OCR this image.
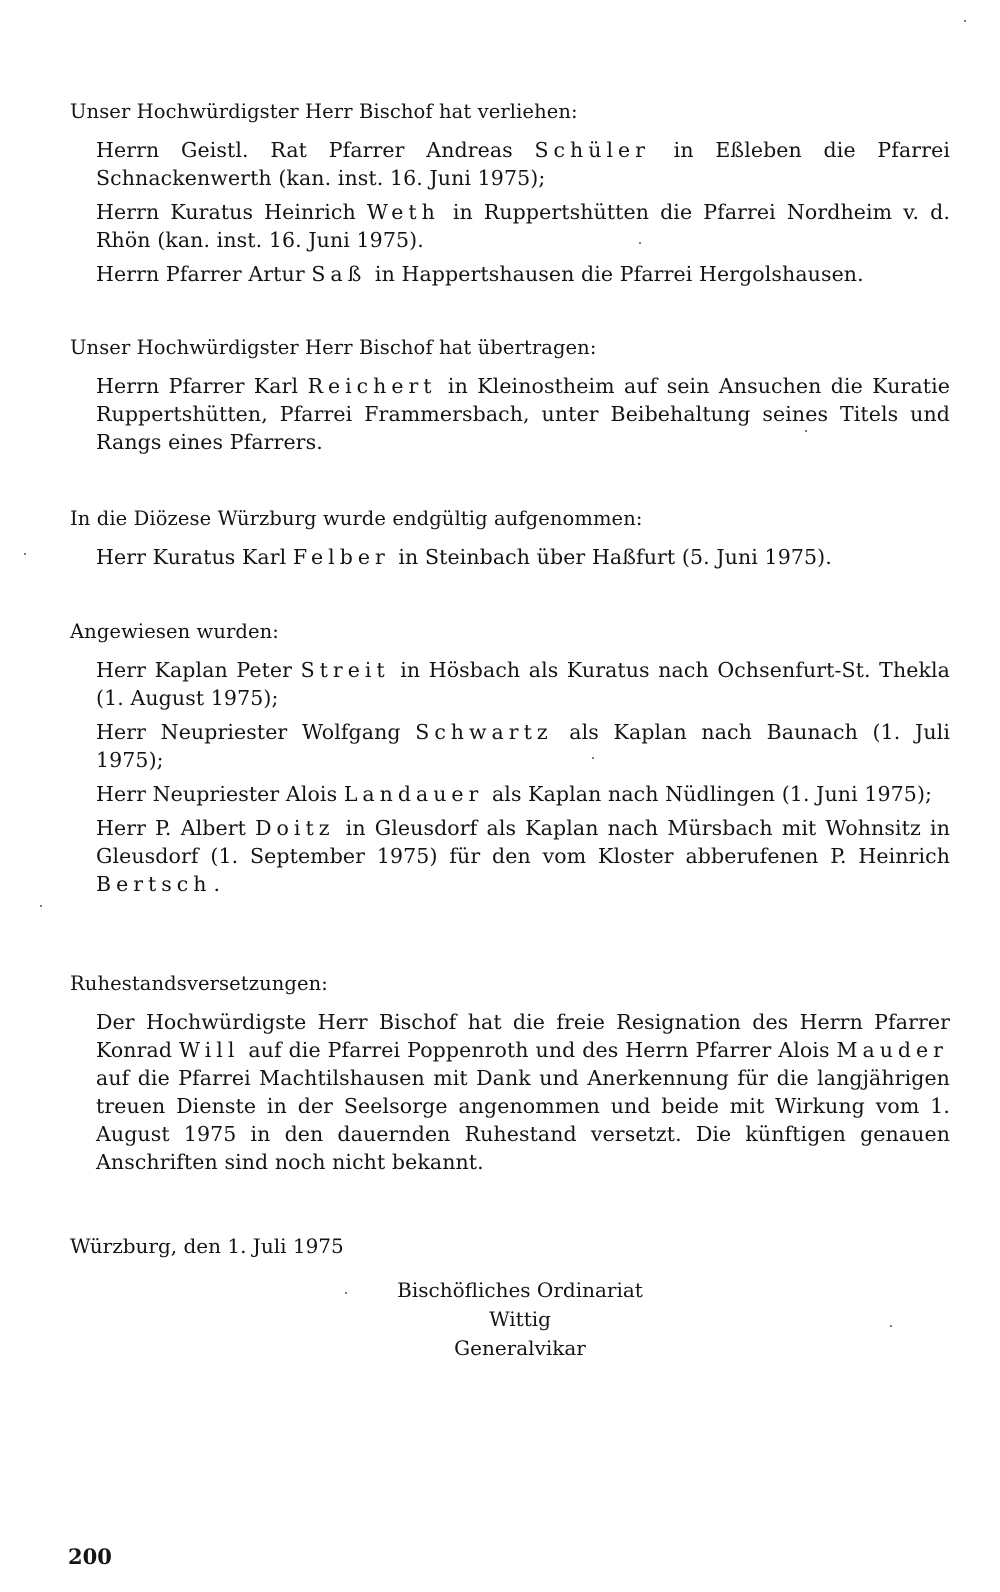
Unser Hochwürdigster Herr Bischof hat verliehen:

Herrn Geistl. Rat Pfarrer Andreas Schüler in Eßleben die Pfarrei Schnackenwerth (kan. inst. 16. Juni 1975);

Herrn Kuratus Heinrich Weth in Ruppertshütten die Pfarrei Nordheim v. d. Rhön (kan. inst. 16. Juni 1975).

Herrn Pfarrer Artur Saß in Happertshausen die Pfarrei Hergolshausen.

Unser Hochwürdigster Herr Bischof hat übertragen:

Herrn Pfarrer Karl Reichert in Kleinostheim auf sein Ansuchen die Kuratie Ruppertshütten, Pfarrei Frammersbach, unter Beibehaltung seines Titels und Rangs eines Pfarrers.

In die Diözese Würzburg wurde endgültig aufgenommen:

Herr Kuratus Karl Felber in Steinbach über Haßfurt (5. Juni 1975).

Angewiesen wurden:

Herr Kaplan Peter Streit in Hösbach als Kuratus nach Ochsenfurt-St. Thekla (1. August 1975);

Herr Neupriester Wolfgang Schwartz als Kaplan nach Baunach (1. Juli 1975);

Herr Neupriester Alois Landauer als Kaplan nach Nüdlingen (1. Juni 1975);

Herr P. Albert Doitz in Gleusdorf als Kaplan nach Mürsbach mit Wohnsitz in Gleusdorf (1. September 1975) für den vom Kloster abberufenen P. Heinrich Bertsch.

Ruhestandsversetzungen:

Der Hochwürdigste Herr Bischof hat die freie Resignation des Herrn Pfarrer Konrad Will auf die Pfarrei Poppenroth und des Herrn Pfarrer Alois Mauder auf die Pfarrei Machtilshausen mit Dank und Anerkennung für die langjährigen treuen Dienste in der Seelsorge angenommen und beide mit Wirkung vom 1. August 1975 in den dauernden Ruhestand versetzt. Die künftigen genauen Anschriften sind noch nicht bekannt.

Würzburg, den 1. Juli 1975
Bischöfliches Ordinariat
Wittig
Generalvikar
200
